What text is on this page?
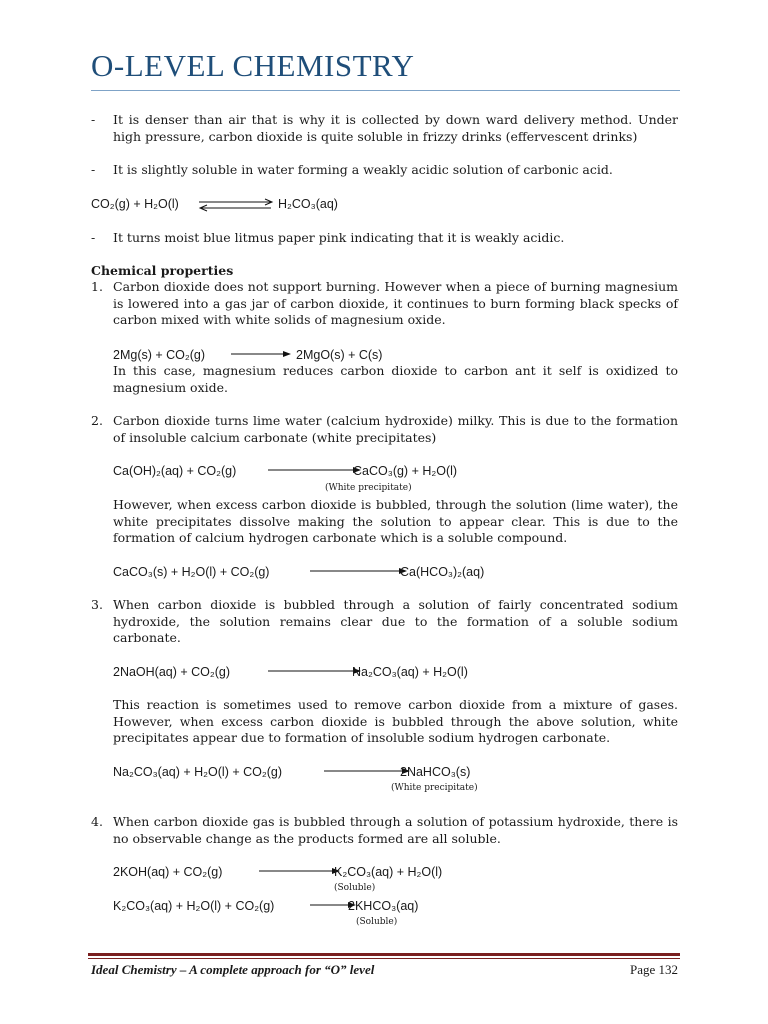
O-LEVEL CHEMISTRY
- It is denser than air that is why it is collected by down ward delivery method. Under high pressure, carbon dioxide is quite soluble in frizzy drinks (effervescent drinks)
- It is slightly soluble in water forming a weakly acidic solution of carbonic acid.
CO₂(g) + H₂O(l)	H₂CO₃(aq)
- It turns moist blue litmus paper pink indicating that it is weakly acidic.
Chemical properties
1. Carbon dioxide does not support burning. However when a piece of burning magnesium is lowered into a gas jar of carbon dioxide, it continues to burn forming black specks of carbon mixed with white solids of magnesium oxide.
2Mg(s) + CO₂(g)	2MgO(s) + C(s)
In this case, magnesium reduces carbon dioxide to carbon ant it self is oxidized to magnesium oxide.
2. Carbon dioxide turns lime water (calcium hydroxide) milky. This is due to the formation of insoluble calcium carbonate (white precipitates)
Ca(OH)₂(aq) + CO₂(g)	CaCO₃(g) + H₂O(l)
(White precipitate)
However, when excess carbon dioxide is bubbled, through the solution (lime water), the white precipitates dissolve making the solution to appear clear. This is due to the formation of calcium hydrogen carbonate which is a soluble compound.
CaCO₃(s) + H₂O(l) + CO₂(g)	Ca(HCO₃)₂(aq)
3. When carbon dioxide is bubbled through a solution of fairly concentrated sodium hydroxide, the solution remains clear due to the formation of a soluble sodium carbonate.
2NaOH(aq) + CO₂(g)	Na₂CO₃(aq) + H₂O(l)
This reaction is sometimes used to remove carbon dioxide from a mixture of gases. However, when excess carbon dioxide is bubbled through the above solution, white precipitates appear due to formation of insoluble sodium hydrogen carbonate.
Na₂CO₃(aq) + H₂O(l) + CO₂(g)	2NaHCO₃(s)
(White precipitate)
4. When carbon dioxide gas is bubbled through a solution of potassium hydroxide, there is no observable change as the products formed are all soluble.
2KOH(aq) + CO₂(g)	K₂CO₃(aq) + H₂O(l)
(Soluble)
K₂CO₃(aq) + H₂O(l) + CO₂(g)	2KHCO₃(aq)
(Soluble)
Ideal Chemistry – A complete approach for “O” level	Page 132
